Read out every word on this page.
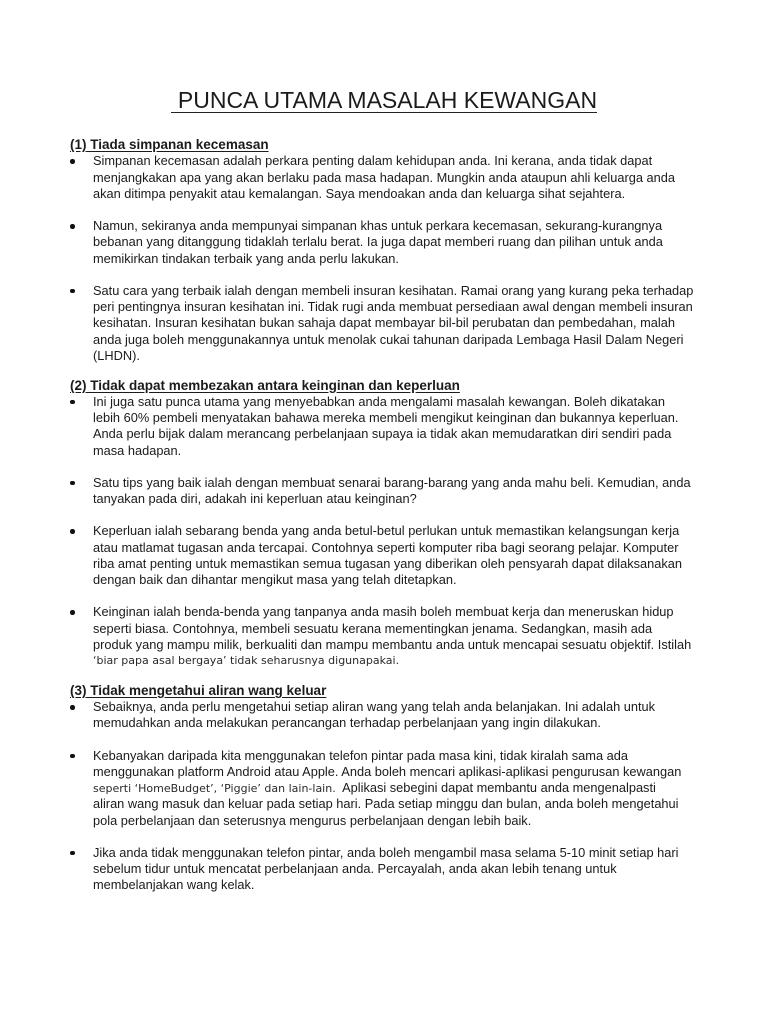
PUNCA UTAMA MASALAH KEWANGAN
(1) Tiada simpanan kecemasan
Simpanan kecemasan adalah perkara penting dalam kehidupan anda. Ini kerana, anda tidak dapat
menjangkakan apa yang akan berlaku pada masa hadapan. Mungkin anda ataupun ahli keluarga anda
akan ditimpa penyakit atau kemalangan. Saya mendoakan anda dan keluarga sihat sejahtera.
Namun, sekiranya anda mempunyai simpanan khas untuk perkara kecemasan, sekurang-kurangnya
bebanan yang ditanggung tidaklah terlalu berat. Ia juga dapat memberi ruang dan pilihan untuk anda
memikirkan tindakan terbaik yang anda perlu lakukan.
Satu cara yang terbaik ialah dengan membeli insuran kesihatan. Ramai orang yang kurang peka terhadap
peri pentingnya insuran kesihatan ini. Tidak rugi anda membuat persediaan awal dengan membeli insuran
kesihatan. Insuran kesihatan bukan sahaja dapat membayar bil-bil perubatan dan pembedahan, malah
anda juga boleh menggunakannya untuk menolak cukai tahunan daripada Lembaga Hasil Dalam Negeri
(LHDN).
(2) Tidak dapat membezakan antara keinginan dan keperluan
Ini juga satu punca utama yang menyebabkan anda mengalami masalah kewangan. Boleh dikatakan
lebih 60% pembeli menyatakan bahawa mereka membeli mengikut keinginan dan bukannya keperluan.
Anda perlu bijak dalam merancang perbelanjaan supaya ia tidak akan memudaratkan diri sendiri pada
masa hadapan.
Satu tips yang baik ialah dengan membuat senarai barang-barang yang anda mahu beli. Kemudian, anda
tanyakan pada diri, adakah ini keperluan atau keinginan?
Keperluan ialah sebarang benda yang anda betul-betul perlukan untuk memastikan kelangsungan kerja
atau matlamat tugasan anda tercapai. Contohnya seperti komputer riba bagi seorang pelajar. Komputer
riba amat penting untuk memastikan semua tugasan yang diberikan oleh pensyarah dapat dilaksanakan
dengan baik dan dihantar mengikut masa yang telah ditetapkan.
Keinginan ialah benda-benda yang tanpanya anda masih boleh membuat kerja dan meneruskan hidup
seperti biasa. Contohnya, membeli sesuatu kerana mementingkan jenama. Sedangkan, masih ada
produk yang mampu milik, berkualiti dan mampu membantu anda untuk mencapai sesuatu objektif. Istilah
‘biar papa asal bergaya’ tidak seharusnya digunapakai.
(3) Tidak mengetahui aliran wang keluar
Sebaiknya, anda perlu mengetahui setiap aliran wang yang telah anda belanjakan. Ini adalah untuk
memudahkan anda melakukan perancangan terhadap perbelanjaan yang ingin dilakukan.
Kebanyakan daripada kita menggunakan telefon pintar pada masa kini, tidak kiralah sama ada
menggunakan platform Android atau Apple. Anda boleh mencari aplikasi-aplikasi pengurusan kewangan
seperti ‘HomeBudget’, ‘Piggie’ dan lain-lain.  Aplikasi sebegini dapat membantu anda mengenalpasti
aliran wang masuk dan keluar pada setiap hari. Pada setiap minggu dan bulan, anda boleh mengetahui
pola perbelanjaan dan seterusnya mengurus perbelanjaan dengan lebih baik.
Jika anda tidak menggunakan telefon pintar, anda boleh mengambil masa selama 5-10 minit setiap hari
sebelum tidur untuk mencatat perbelanjaan anda. Percayalah, anda akan lebih tenang untuk
membelanjakan wang kelak.
